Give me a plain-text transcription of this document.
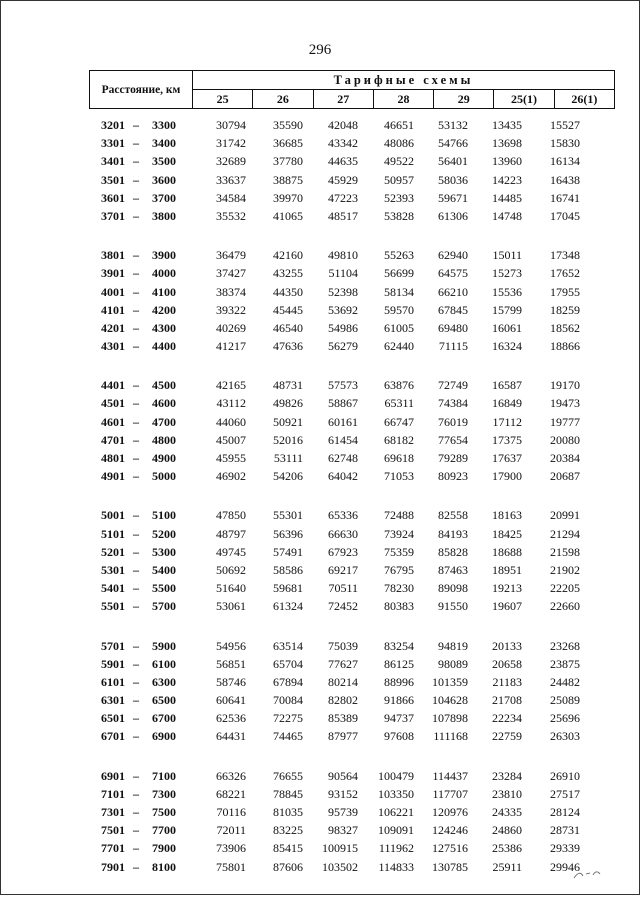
296
Расстояние, км	Тарифные схемы						
	25	26	27	28	29	25(1)	26(1)
3201 – 3300	30794	35590	42048	46651	53132	13435	15527
3301 – 3400	31742	36685	43342	48086	54766	13698	15830
3401 – 3500	32689	37780	44635	49522	56401	13960	16134
3501 – 3600	33637	38875	45929	50957	58036	14223	16438
3601 – 3700	34584	39970	47223	52393	59671	14485	16741
3701 – 3800	35532	41065	48517	53828	61306	14748	17045
3801 – 3900	36479	42160	49810	55263	62940	15011	17348
3901 – 4000	37427	43255	51104	56699	64575	15273	17652
4001 – 4100	38374	44350	52398	58134	66210	15536	17955
4101 – 4200	39322	45445	53692	59570	67845	15799	18259
4201 – 4300	40269	46540	54986	61005	69480	16061	18562
4301 – 4400	41217	47636	56279	62440	71115	16324	18866
4401 – 4500	42165	48731	57573	63876	72749	16587	19170
4501 – 4600	43112	49826	58867	65311	74384	16849	19473
4601 – 4700	44060	50921	60161	66747	76019	17112	19777
4701 – 4800	45007	52016	61454	68182	77654	17375	20080
4801 – 4900	45955	53111	62748	69618	79289	17637	20384
4901 – 5000	46902	54206	64042	71053	80923	17900	20687
5001 – 5100	47850	55301	65336	72488	82558	18163	20991
5101 – 5200	48797	56396	66630	73924	84193	18425	21294
5201 – 5300	49745	57491	67923	75359	85828	18688	21598
5301 – 5400	50692	58586	69217	76795	87463	18951	21902
5401 – 5500	51640	59681	70511	78230	89098	19213	22205
5501 – 5700	53061	61324	72452	80383	91550	19607	22660
5701 – 5900	54956	63514	75039	83254	94819	20133	23268
5901 – 6100	56851	65704	77627	86125	98089	20658	23875
6101 – 6300	58746	67894	80214	88996	101359	21183	24482
6301 – 6500	60641	70084	82802	91866	104628	21708	25089
6501 – 6700	62536	72275	85389	94737	107898	22234	25696
6701 – 6900	64431	74465	87977	97608	111168	22759	26303
6901 – 7100	66326	76655	90564	100479	114437	23284	26910
7101 – 7300	68221	78845	93152	103350	117707	23810	27517
7301 – 7500	70116	81035	95739	106221	120976	24335	28124
7501 – 7700	72011	83225	98327	109091	124246	24860	28731
7701 – 7900	73906	85415	100915	111962	127516	25386	29339
7901 – 8100	75801	87606	103502	114833	130785	25911	29946
